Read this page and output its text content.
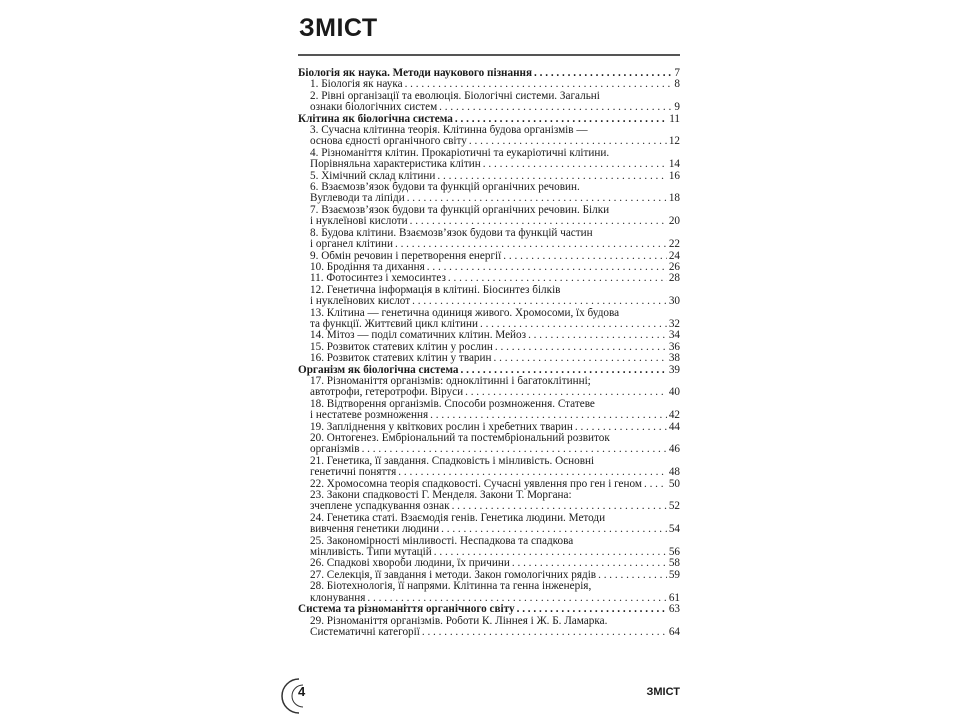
ЗМІСТ
Біологія як наука. Методи наукового пізнання . . .	7
1. Біологія як наука . . .	8
2. Рівні організації та еволюція. Біологічні системи. Загальні
ознаки біологічних систем . . .	9
Клітина як біологічна система . . .	11
3. Сучасна клітинна теорія. Клітинна будова організмів —
основа єдності органічного світу . . .	12
4. Різноманіття клітин. Прокаріотичні та еукаріотичні клітини.
Порівняльна характеристика клітин . . .	14
5. Хімічний склад клітини . . .	16
6. Взаємозв’язок будови та функцій органічних речовин.
Вуглеводи та ліпіди . . .	18
7. Взаємозв’язок будови та функцій органічних речовин. Білки
і нуклеїнові кислоти . . .	20
8. Будова клітини. Взаємозв’язок будови та функцій частин
і органел клітини . . .	22
9. Обмін речовин і перетворення енергії . . .	24
10. Бродіння та дихання . . .	26
11. Фотосинтез і хемосинтез . . .	28
12. Генетична інформація в клітині. Біосинтез білків
і нуклеїнових кислот . . .	30
13. Клітина — генетична одиниця живого. Хромосоми, їх будова
та функції. Життєвий цикл клітини . . .	32
14. Мітоз — поділ соматичних клітин. Мейоз . . .	34
15. Розвиток статевих клітин у рослин . . .	36
16. Розвиток статевих клітин у тварин . . .	38
Організм як біологічна система . . .	39
17. Різноманіття організмів: одноклітинні і багатоклітинні;
автотрофи, гетеротрофи. Віруси . . .	40
18. Відтворення організмів. Способи розмноження. Статеве
і нестатеве розмноження . . .	42
19. Запліднення у квіткових рослин і хребетних тварин . . .	44
20. Онтогенез. Ембріональний та постембріональний розвиток
організмів . . .	46
21. Генетика, її завдання. Спадковість і мінливість. Основні
генетичні поняття . . .	48
22. Хромосомна теорія спадковості. Сучасні уявлення про ген і геном . . . 50
23. Закони спадковості Г. Менделя. Закони Т. Моргана:
зчеплене успадкування ознак . . .	52
24. Генетика статі. Взаємодія генів. Генетика людини. Методи
вивчення генетики людини . . .	54
25. Закономірності мінливості. Неспадкова та спадкова
мінливість. Типи мутацій . . .	56
26. Спадкові хвороби людини, їх причини . . .	58
27. Селекція, її завдання і методи. Закон гомологічних рядів . . .	59
28. Біотехнологія, її напрями. Клітинна та генна інженерія,
клонування . . .	61
Система та різноманіття органічного світу . . .	63
29. Різноманіття організмів. Роботи К. Ліннея і Ж. Б. Ламарка.
Систематичні категорії . . .	64
4	ЗМІСТ
